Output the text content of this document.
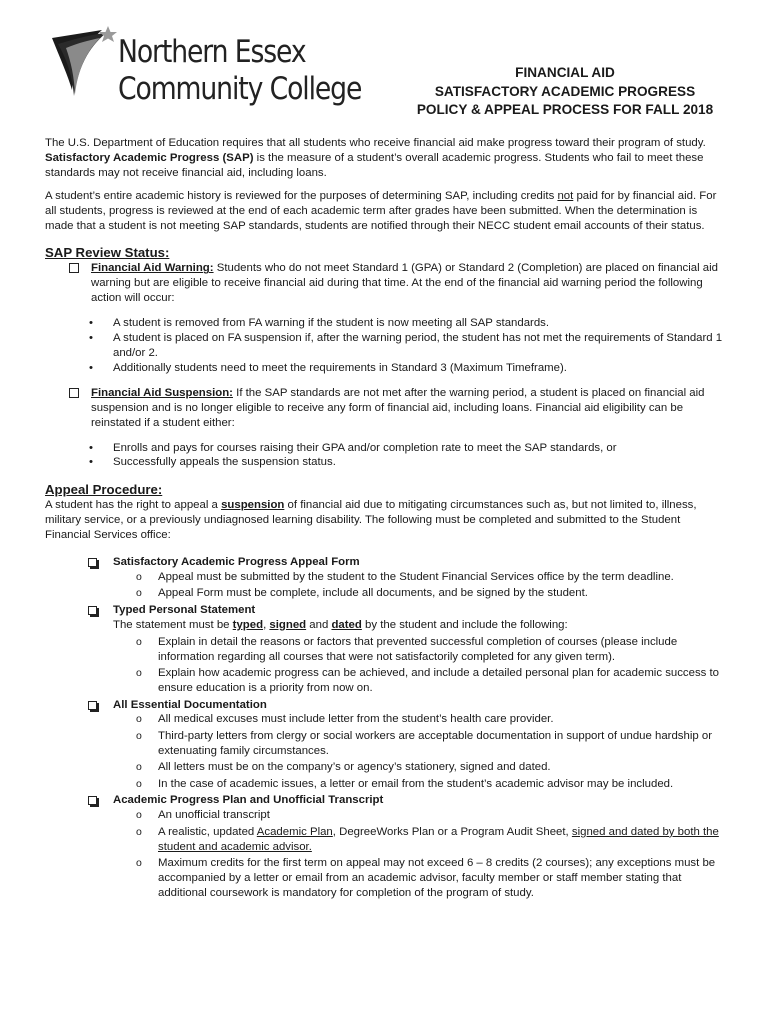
Northern Essex
Community College	FINANCIAL AID
SATISFACTORY ACADEMIC PROGRESS
POLICY & APPEAL PROCESS FOR FALL 2018

The U.S. Department of Education requires that all students who receive financial aid make progress toward their program of study. Satisfactory Academic Progress (SAP) is the measure of a student’s overall academic progress. Students who fail to meet these standards may not receive financial aid, including loans.

A student’s entire academic history is reviewed for the purposes of determining SAP, including credits not paid for by financial aid. For all students, progress is reviewed at the end of each academic term after grades have been submitted. When the determination is made that a student is not meeting SAP standards, students are notified through their NECC student email accounts of their status.

SAP Review Status:
Financial Aid Warning: Students who do not meet Standard 1 (GPA) or Standard 2 (Completion) are placed on financial aid warning but are eligible to receive financial aid during that time. At the end of the financial aid warning period the following action will occur:
• A student is removed from FA warning if the student is now meeting all SAP standards.
• A student is placed on FA suspension if, after the warning period, the student has not met the requirements of Standard 1 and/or 2.
• Additionally students need to meet the requirements in Standard 3 (Maximum Timeframe).
Financial Aid Suspension: If the SAP standards are not met after the warning period, a student is placed on financial aid suspension and is no longer eligible to receive any form of financial aid, including loans. Financial aid eligibility can be reinstated if a student either:
• Enrolls and pays for courses raising their GPA and/or completion rate to meet the SAP standards, or
• Successfully appeals the suspension status.
Appeal Procedure:

A student has the right to appeal a suspension of financial aid due to mitigating circumstances such as, but not limited to, illness, military service, or a previously undiagnosed learning disability. The following must be completed and submitted to the Student Financial Services office:

Satisfactory Academic Progress Appeal Form
o Appeal must be submitted by the student to the Student Financial Services office by the term deadline.
o Appeal Form must be complete, include all documents, and be signed by the student.
Typed Personal Statement
The statement must be typed, signed and dated by the student and include the following:
o Explain in detail the reasons or factors that prevented successful completion of courses (please include information regarding all courses that were not satisfactorily completed for any given term).
o Explain how academic progress can be achieved, and include a detailed personal plan for academic success to ensure education is a priority from now on.
All Essential Documentation
o All medical excuses must include letter from the student’s health care provider.
o Third-party letters from clergy or social workers are acceptable documentation in support of undue hardship or extenuating family circumstances.
o All letters must be on the company’s or agency’s stationery, signed and dated.
o In the case of academic issues, a letter or email from the student’s academic advisor may be included.
Academic Progress Plan and Unofficial Transcript
o An unofficial transcript
o A realistic, updated Academic Plan, DegreeWorks Plan or a Program Audit Sheet, signed and dated by both the student and academic advisor.
o Maximum credits for the first term on appeal may not exceed 6 – 8 credits (2 courses); any exceptions must be accompanied by a letter or email from an academic advisor, faculty member or staff member stating that additional coursework is mandatory for completion of the program of study.
